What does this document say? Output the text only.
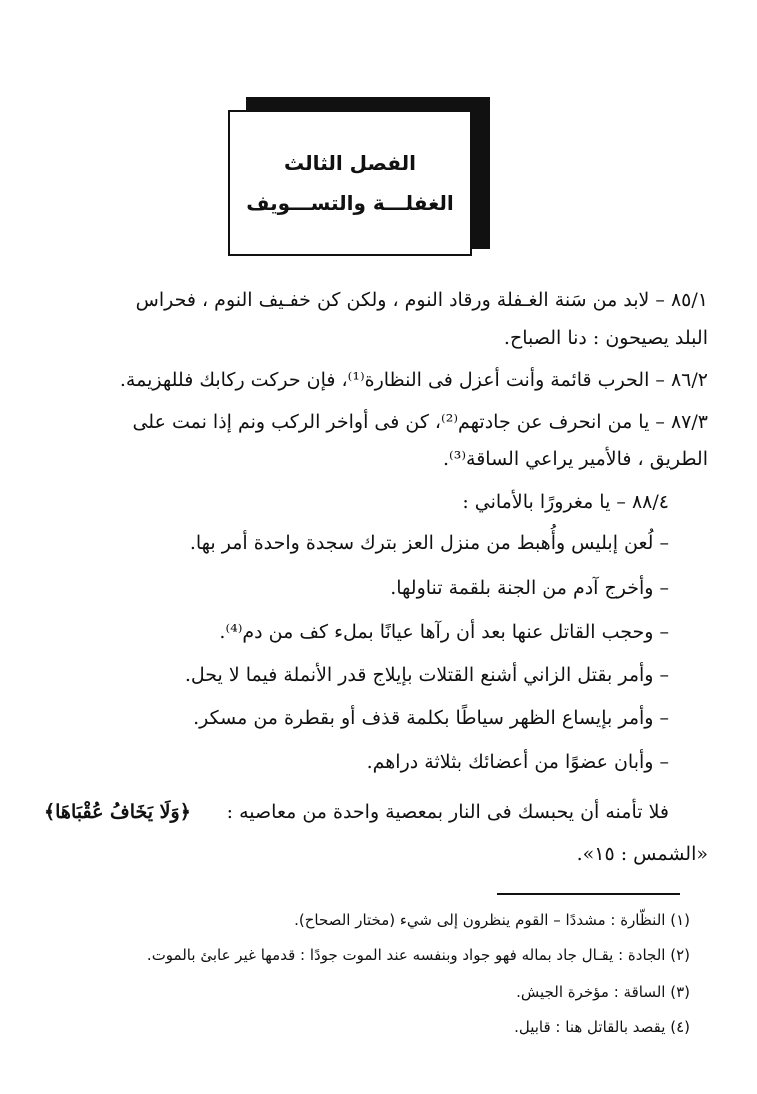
الفصل الثالث
الغفلـــة والتســـويف
٨٥/١ – لابد من سَنة الغـفلة ورقاد النوم ، ولكن كن خفـيف النوم ، فحراس
البلد يصيحون : دنا الصباح.
٨٦/٢ – الحرب قائمة وأنت أعزل فى النظارة⁽¹⁾، فإن حركت ركابك فللهزيمة.
٨٧/٣ – يا من انحرف عن جادتهم⁽²⁾، كن فى أواخر الركب ونم إذا نمت على
الطريق ، فالأمير يراعي الساقة⁽³⁾.
٨٨/٤ – يا مغرورًا بالأماني :
– لُعن إبليس وأُهبط من منزل العز بترك سجدة واحدة أمر بها.
– وأخرج آدم من الجنة بلقمة تناولها.
– وحجب القاتل عنها بعد أن رآها عيانًا بملء كف من دم⁽⁴⁾.
– وأمر بقتل الزاني أشنع القتلات بإيلاج قدر الأنملة فيما لا يحل.
– وأمر بإيساع الظهر سياطًا بكلمة قذف أو بقطرة من مسكر.
– وأبان عضوًا من أعضائك بثلاثة دراهم.
فلا تأمنه أن يحبسك فى النار بمعصية واحدة من معاصيه :
﴿وَلَا يَخَافُ عُقْبَاهَا﴾
«الشمس : ١٥».
(١) النظّارة : مشددًا – القوم ينظرون إلى شيء (مختار الصحاح).
(٢) الجادة : يقـال جاد بماله فهو جواد وبنفسه عند الموت جودًا : قدمها غير عابئ بالموت.
(٣) الساقة : مؤخرة الجيش.
(٤) يقصد بالقاتل هنا : قابيل.
